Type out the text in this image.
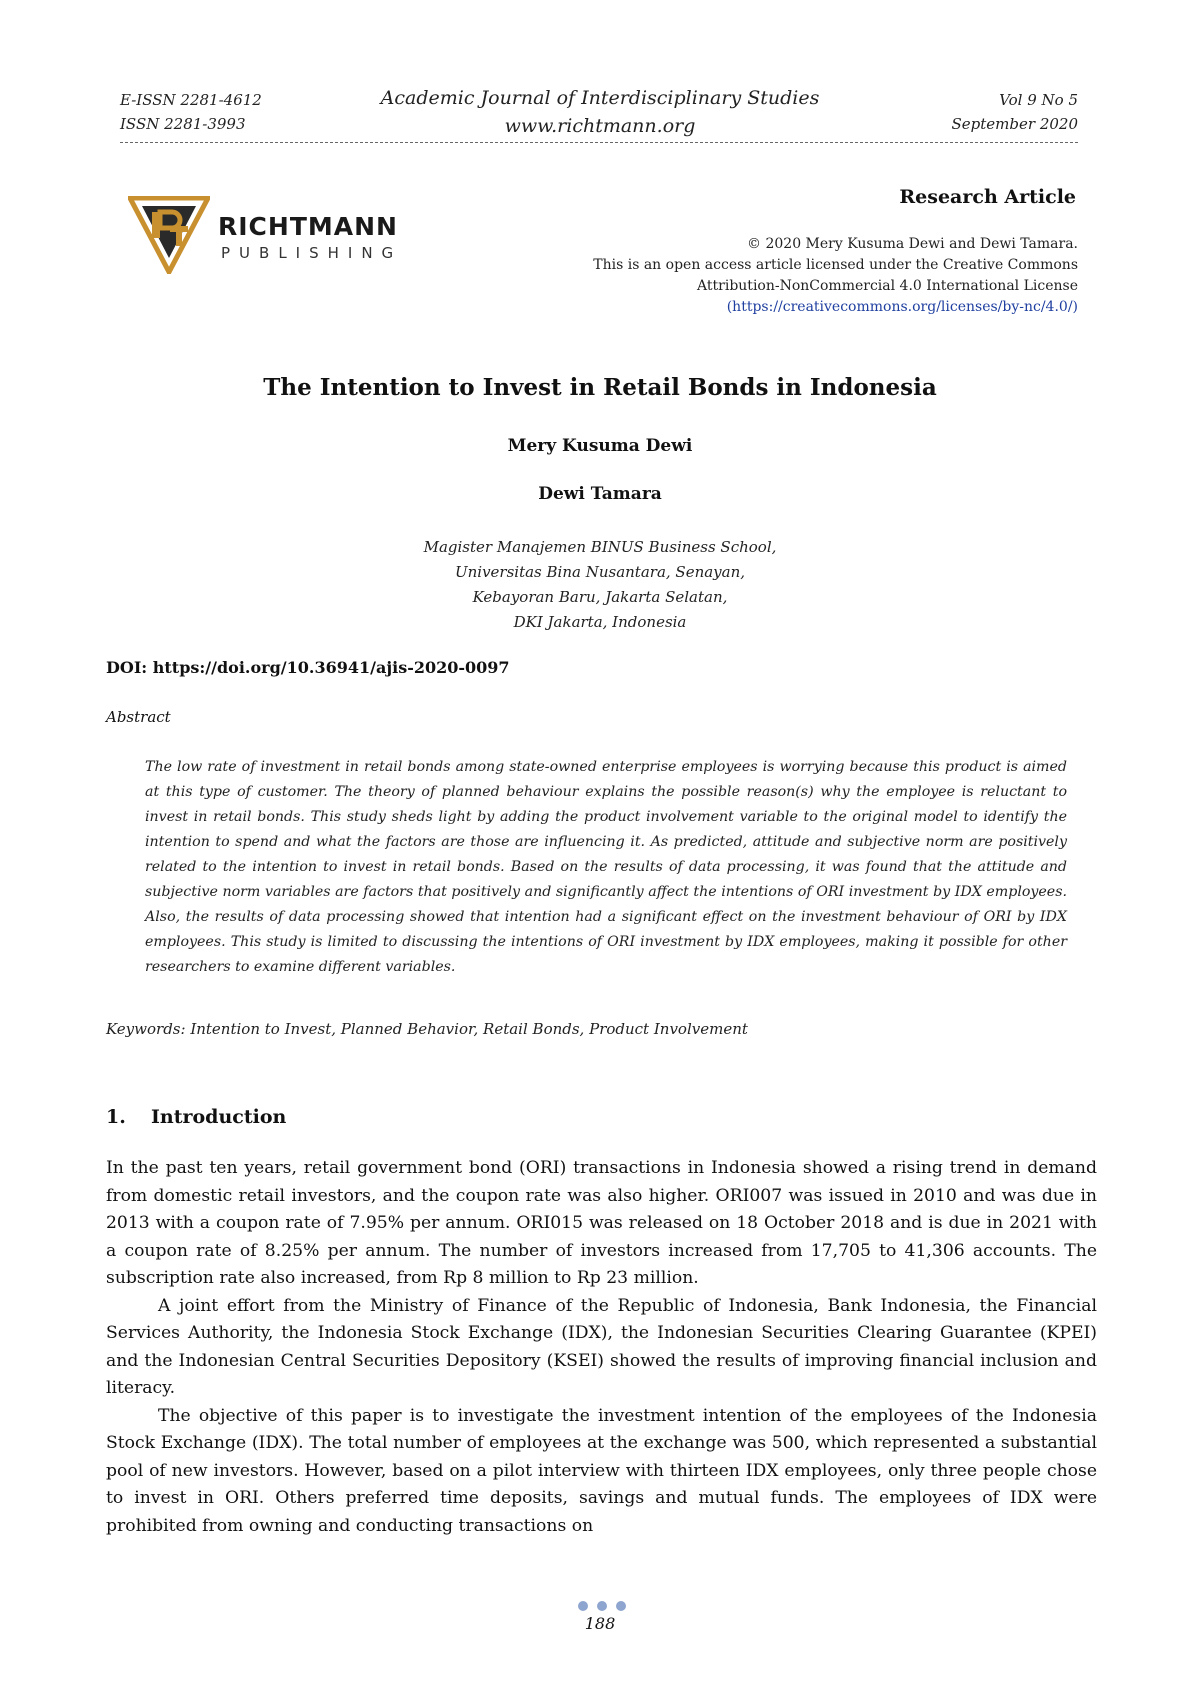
E-ISSN 2281-4612
ISSN 2281-3993
Academic Journal of Interdisciplinary Studies
www.richtmann.org
Vol 9 No 5
September 2020
RICHTMANN
PUBLISHING
Research Article
© 2020 Mery Kusuma Dewi and Dewi Tamara.
This is an open access article licensed under the Creative Commons
Attribution-NonCommercial 4.0 International License
(https://creativecommons.org/licenses/by-nc/4.0/)
The Intention to Invest in Retail Bonds in Indonesia
Mery Kusuma Dewi
Dewi Tamara
Magister Manajemen BINUS Business School,
Universitas Bina Nusantara, Senayan,
Kebayoran Baru, Jakarta Selatan,
DKI Jakarta, Indonesia
DOI: https://doi.org/10.36941/ajis-2020-0097
Abstract
The low rate of investment in retail bonds among state-owned enterprise employees is worrying because this product is aimed at this type of customer. The theory of planned behaviour explains the possible reason(s) why the employee is reluctant to invest in retail bonds. This study sheds light by adding the product involvement variable to the original model to identify the intention to spend and what the factors are those are influencing it. As predicted, attitude and subjective norm are positively related to the intention to invest in retail bonds. Based on the results of data processing, it was found that the attitude and subjective norm variables are factors that positively and significantly affect the intentions of ORI investment by IDX employees. Also, the results of data processing showed that intention had a significant effect on the investment behaviour of ORI by IDX employees. This study is limited to discussing the intentions of ORI investment by IDX employees, making it possible for other researchers to examine different variables.
Keywords: Intention to Invest, Planned Behavior, Retail Bonds, Product Involvement
1. Introduction

In the past ten years, retail government bond (ORI) transactions in Indonesia showed a rising trend in demand from domestic retail investors, and the coupon rate was also higher. ORI007 was issued in 2010 and was due in 2013 with a coupon rate of 7.95% per annum. ORI015 was released on 18 October 2018 and is due in 2021 with a coupon rate of 8.25% per annum. The number of investors increased from 17,705 to 41,306 accounts. The subscription rate also increased, from Rp 8 million to Rp 23 million.

A joint effort from the Ministry of Finance of the Republic of Indonesia, Bank Indonesia, the Financial Services Authority, the Indonesia Stock Exchange (IDX), the Indonesian Securities Clearing Guarantee (KPEI) and the Indonesian Central Securities Depository (KSEI) showed the results of improving financial inclusion and literacy.

The objective of this paper is to investigate the investment intention of the employees of the Indonesia Stock Exchange (IDX). The total number of employees at the exchange was 500, which represented a substantial pool of new investors. However, based on a pilot interview with thirteen IDX employees, only three people chose to invest in ORI. Others preferred time deposits, savings and mutual funds. The employees of IDX were prohibited from owning and conducting transactions on

188
